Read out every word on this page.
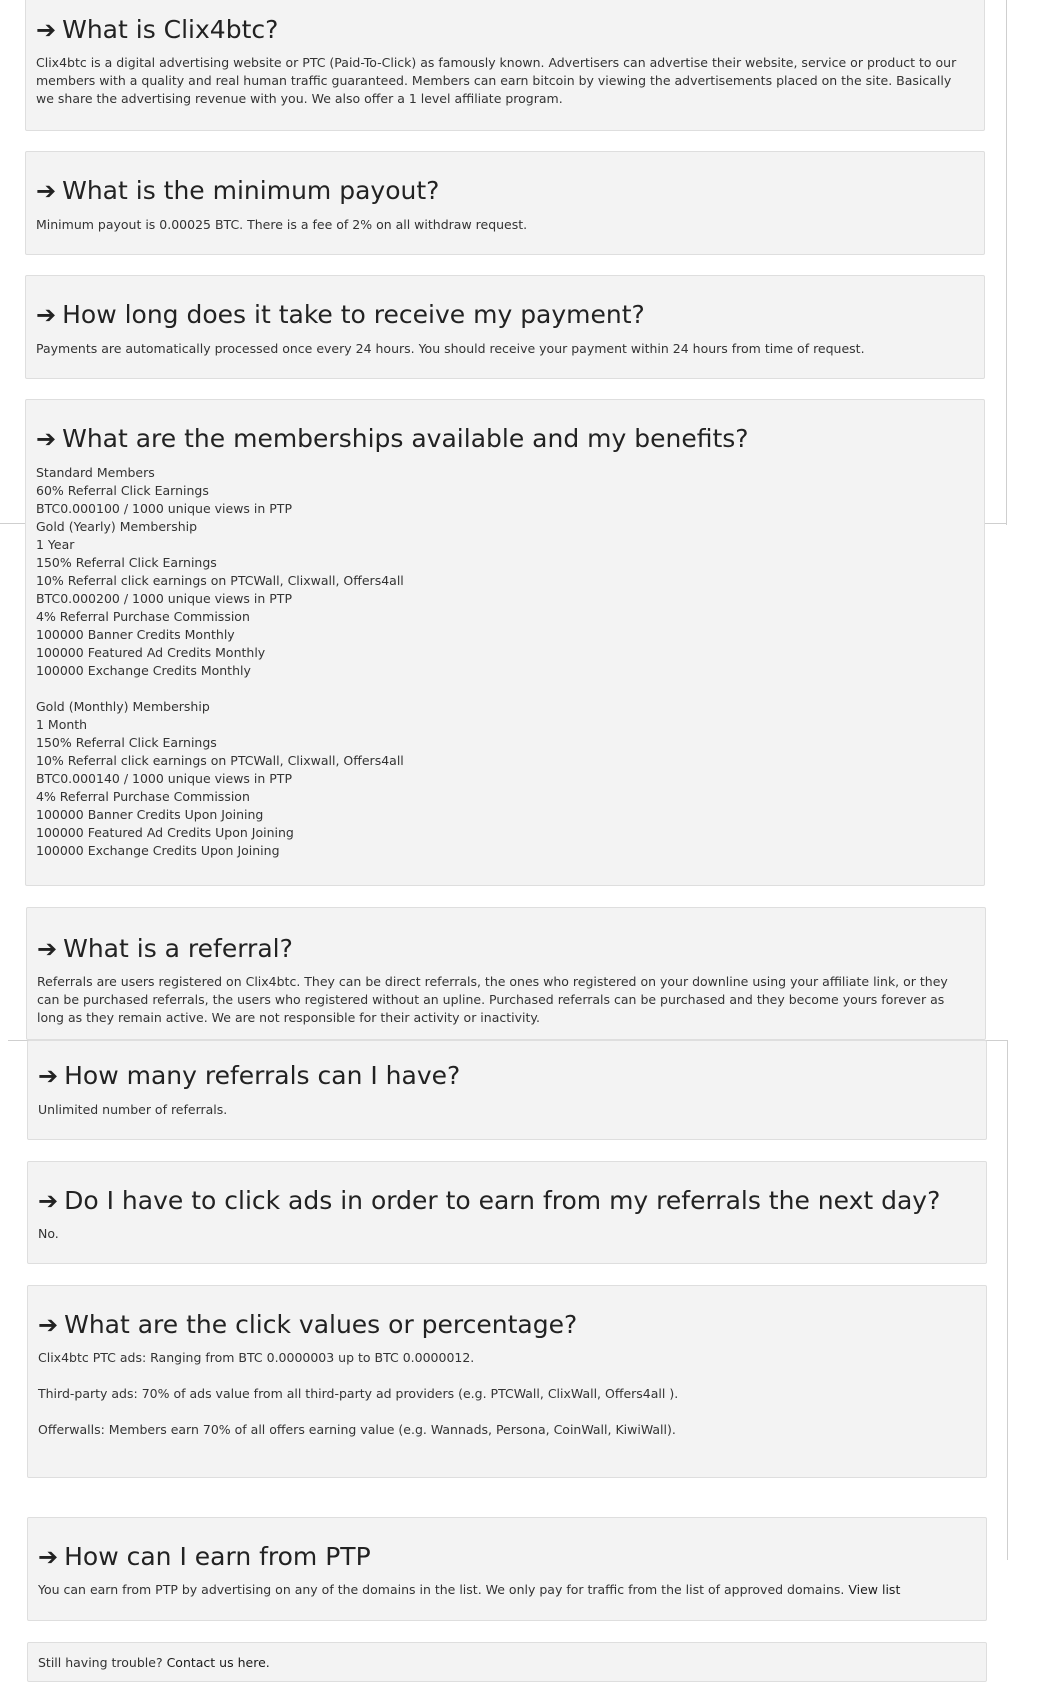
➔ What is Clix4btc?
Clix4btc is a digital advertising website or PTC (Paid-To-Click) as famously known. Advertisers can advertise their website, service or product to our members with a quality and real human traffic guaranteed. Members can earn bitcoin by viewing the advertisements placed on the site. Basically we share the advertising revenue with you. We also offer a 1 level affiliate program.
➔ What is the minimum payout?
Minimum payout is 0.00025 BTC. There is a fee of 2% on all withdraw request.
➔ How long does it take to receive my payment?
Payments are automatically processed once every 24 hours. You should receive your payment within 24 hours from time of request.
➔ What are the memberships available and my benefits?
Standard Members
60% Referral Click Earnings
BTC0.000100 / 1000 unique views in PTP
Gold (Yearly) Membership
1 Year
150% Referral Click Earnings
10% Referral click earnings on PTCWall, Clixwall, Offers4all
BTC0.000200 / 1000 unique views in PTP
4% Referral Purchase Commission
100000 Banner Credits Monthly
100000 Featured Ad Credits Monthly
100000 Exchange Credits Monthly
Gold (Monthly) Membership
1 Month
150% Referral Click Earnings
10% Referral click earnings on PTCWall, Clixwall, Offers4all
BTC0.000140 / 1000 unique views in PTP
4% Referral Purchase Commission
100000 Banner Credits Upon Joining
100000 Featured Ad Credits Upon Joining
100000 Exchange Credits Upon Joining
➔ What is a referral?
Referrals are users registered on Clix4btc. They can be direct referrals, the ones who registered on your downline using your affiliate link, or they can be purchased referrals, the users who registered without an upline. Purchased referrals can be purchased and they become yours forever as long as they remain active. We are not responsible for their activity or inactivity.
➔ How many referrals can I have?
Unlimited number of referrals.
➔ Do I have to click ads in order to earn from my referrals the next day?
No.
➔ What are the click values or percentage?
Clix4btc PTC ads: Ranging from BTC 0.0000003 up to BTC 0.0000012.
Third-party ads: 70% of ads value from all third-party ad providers (e.g. PTCWall, ClixWall, Offers4all ).
Offerwalls: Members earn 70% of all offers earning value (e.g. Wannads, Persona, CoinWall, KiwiWall).
➔ How can I earn from PTP
You can earn from PTP by advertising on any of the domains in the list. We only pay for traffic from the list of approved domains. View list
Still having trouble? Contact us here.
